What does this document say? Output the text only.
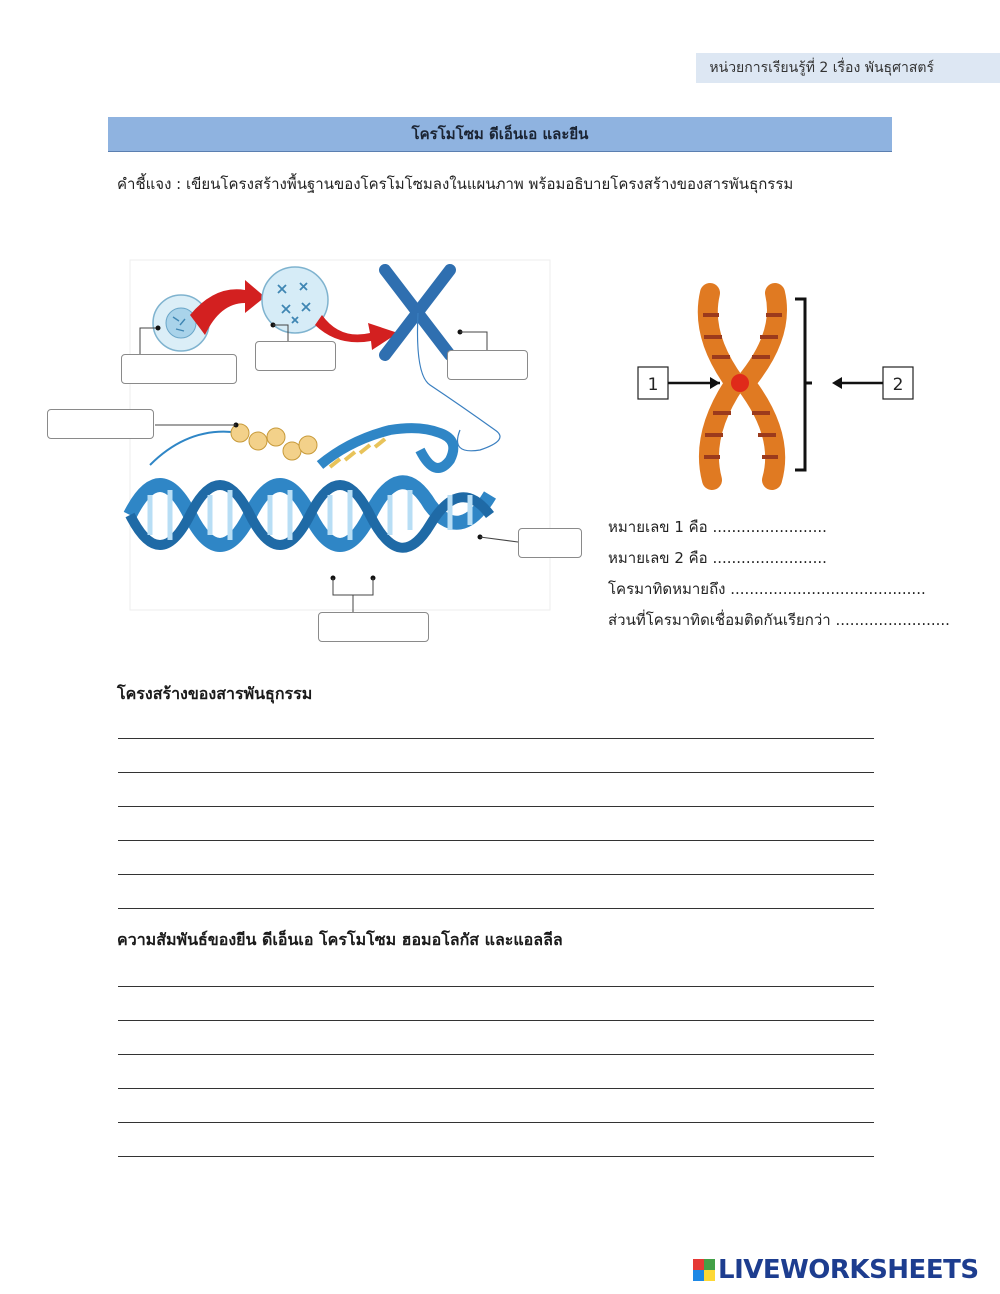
หน่วยการเรียนรู้ที่ 2 เรื่อง พันธุศาสตร์
โครโมโซม ดีเอ็นเอ และยีน
คำชี้แจง : เขียนโครงสร้างพื้นฐานของโครโมโซมลงในแผนภาพ พร้อมอธิบายโครงสร้างของสารพันธุกรรม
1	2
หมายเลข 1 คือ ........................
หมายเลข 2 คือ ........................
โครมาทิดหมายถึง .........................................
ส่วนที่โครมาทิดเชื่อมติดกันเรียกว่า ........................
โครงสร้างของสารพันธุกรรม
ความสัมพันธ์ของยีน ดีเอ็นเอ โครโมโซม ฮอมอโลกัส และแอลลีล
LIVEWORKSHEETS
